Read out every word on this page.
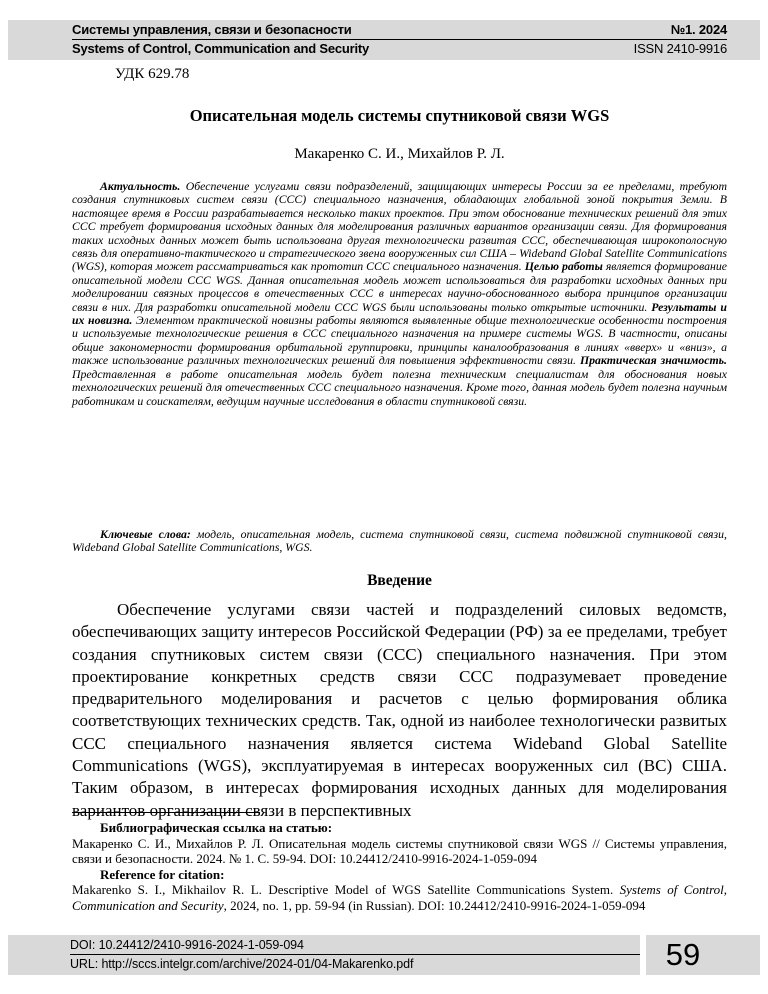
Системы управления, связи и безопасности	№1. 2024
Systems of Control, Communication and Security	ISSN 2410-9916
УДК 629.78
Описательная модель системы спутниковой связи WGS
Макаренко С. И., Михайлов Р. Л.

Актуальность. Обеспечение услугами связи подразделений, защищающих интересы России за ее пределами, требуют создания спутниковых систем связи (ССС) специального назначения, обладающих глобальной зоной покрытия Земли. В настоящее время в России разрабатывается несколько таких проектов. При этом обоснование технических решений для этих ССС требует формирования исходных данных для моделирования различных вариантов организации связи. Для формирования таких исходных данных может быть использована другая технологически развитая ССС, обеспечивающая широкополосную связь для оперативно-тактического и стратегического звена вооруженных сил США – Wideband Global Satellite Communications (WGS), которая может рассматриваться как прототип ССС специального назначения. Целью работы является формирование описательной модели ССС WGS. Данная описательная модель может использоваться для разработки исходных данных при моделировании связных процессов в отечественных ССС в интересах научно-обоснованного выбора принципов организации связи в них. Для разработки описательной модели ССС WGS были использованы только открытые источники. Результаты и их новизна. Элементом практической новизны работы являются выявленные общие технологические особенности построения и используемые технологические решения в ССС специального назначения на примере системы WGS. В частности, описаны общие закономерности формирования орбитальной группировки, принципы каналообразования в линиях «вверх» и «вниз», а также использование различных технологических решений для повышения эффективности связи. Практическая значимость. Представленная в работе описательная модель будет полезна техническим специалистам для обоснования новых технологических решений для отечественных ССС специального назначения. Кроме того, данная модель будет полезна научным работникам и соискателям, ведущим научные исследования в области спутниковой связи.

Ключевые слова: модель, описательная модель, система спутниковой связи, система подвижной спутниковой связи, Wideband Global Satellite Communications, WGS.

Введение

Обеспечение услугами связи частей и подразделений силовых ведомств, обеспечивающих защиту интересов Российской Федерации (РФ) за ее пределами, требует создания спутниковых систем связи (ССС) специального назначения. При этом проектирование конкретных средств связи ССС подразумевает проведение предварительного моделирования и расчетов с целью формирования облика соответствующих технических средств. Так, одной из наиболее технологически развитых ССС специального назначения является система Wideband Global Satellite Communications (WGS), эксплуатируемая в интересах вооруженных сил (ВС) США. Таким образом, в интересах формирования исходных данных для моделирования вариантов организации связи в перспективных

Библиографическая ссылка на статью:
Макаренко С. И., Михайлов Р. Л. Описательная модель системы спутниковой связи WGS // Системы управления, связи и безопасности. 2024. № 1. С. 59-94. DOI: 10.24412/2410-9916-2024-1-059-094
Reference for citation:
Makarenko S. I., Mikhailov R. L. Descriptive Model of WGS Satellite Communications System. Systems of Control, Communication and Security, 2024, no. 1, pp. 59-94 (in Russian). DOI: 10.24412/2410-9916-2024-1-059-094
DOI: 10.24412/2410-9916-2024-1-059-094
URL: http://sccs.intelgr.com/archive/2024-01/04-Makarenko.pdf	59
